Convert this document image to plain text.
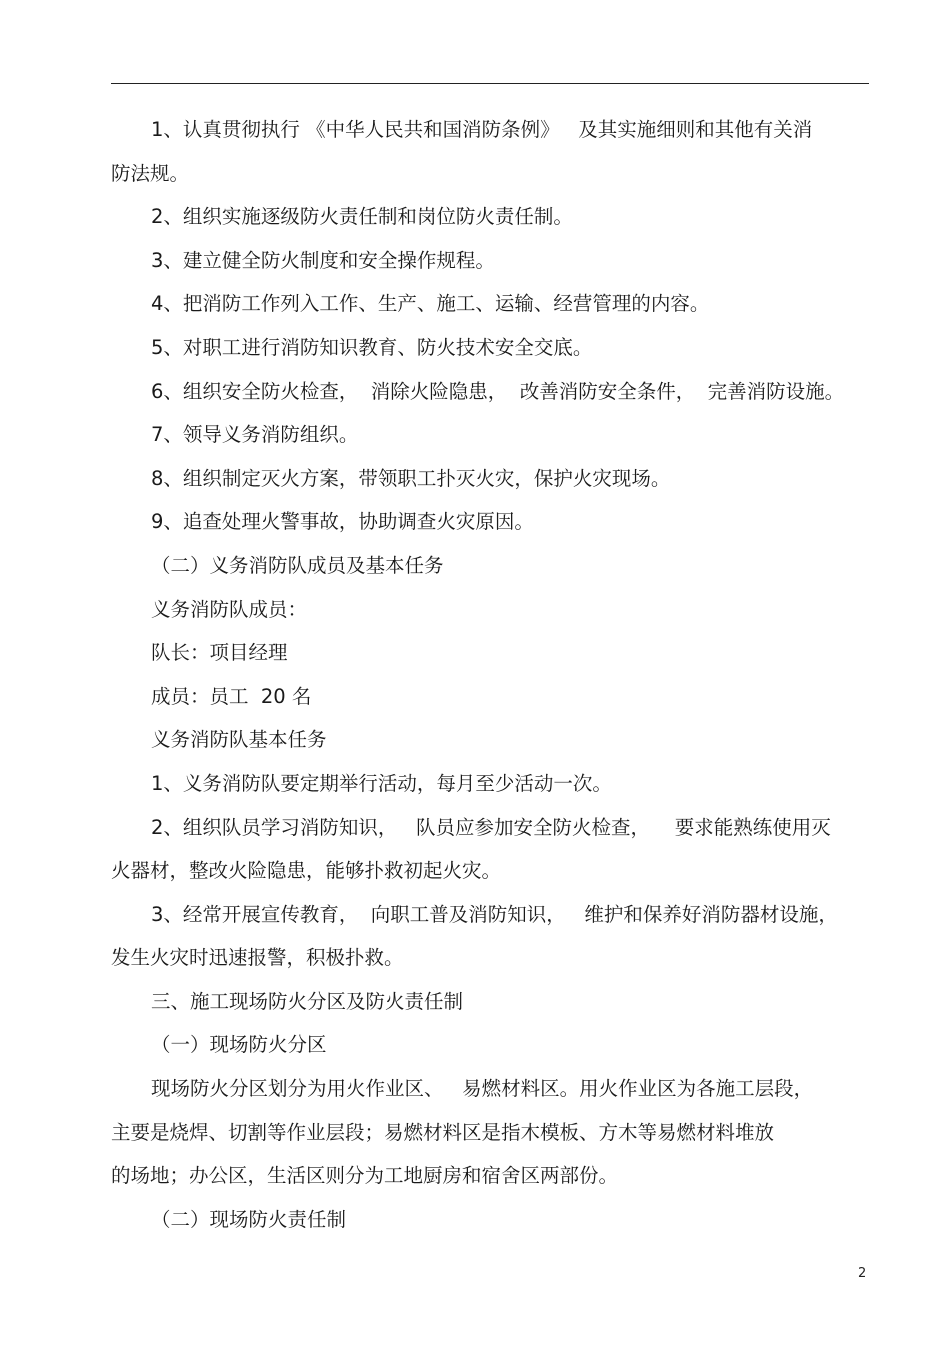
1、认真贯彻执行 《中华人民共和国消防条例》   及其实施细则和其他有关消
防法规。
2、组织实施逐级防火责任制和岗位防火责任制。
3、建立健全防火制度和安全操作规程。
4、把消防工作列入工作、生产、施工、运输、经营管理的内容。
5、对职工进行消防知识教育、防火技术安全交底。
6、组织安全防火检查，  消除火险隐患，  改善消防安全条件，  完善消防设施。
7、领导义务消防组织。
8、组织制定灭火方案，带领职工扑灭火灾，保护火灾现场。
9、追查处理火警事故，协助调查火灾原因。
（二）义务消防队成员及基本任务
义务消防队成员：
队长：项目经理
成员：员工  20 名
义务消防队基本任务
1、义务消防队要定期举行活动，每月至少活动一次。
2、组织队员学习消防知识，   队员应参加安全防火检查，    要求能熟练使用灭
火器材，整改火险隐患，能够扑救初起火灾。
3、经常开展宣传教育，  向职工普及消防知识，   维护和保养好消防器材设施，
发生火灾时迅速报警，积极扑救。
三、施工现场防火分区及防火责任制
（一）现场防火分区
现场防火分区划分为用火作业区、   易燃材料区。用火作业区为各施工层段，
主要是烧焊、切割等作业层段；易燃材料区是指木模板、方木等易燃材料堆放
的场地；办公区，生活区则分为工地厨房和宿舍区两部份。
（二）现场防火责任制
2
